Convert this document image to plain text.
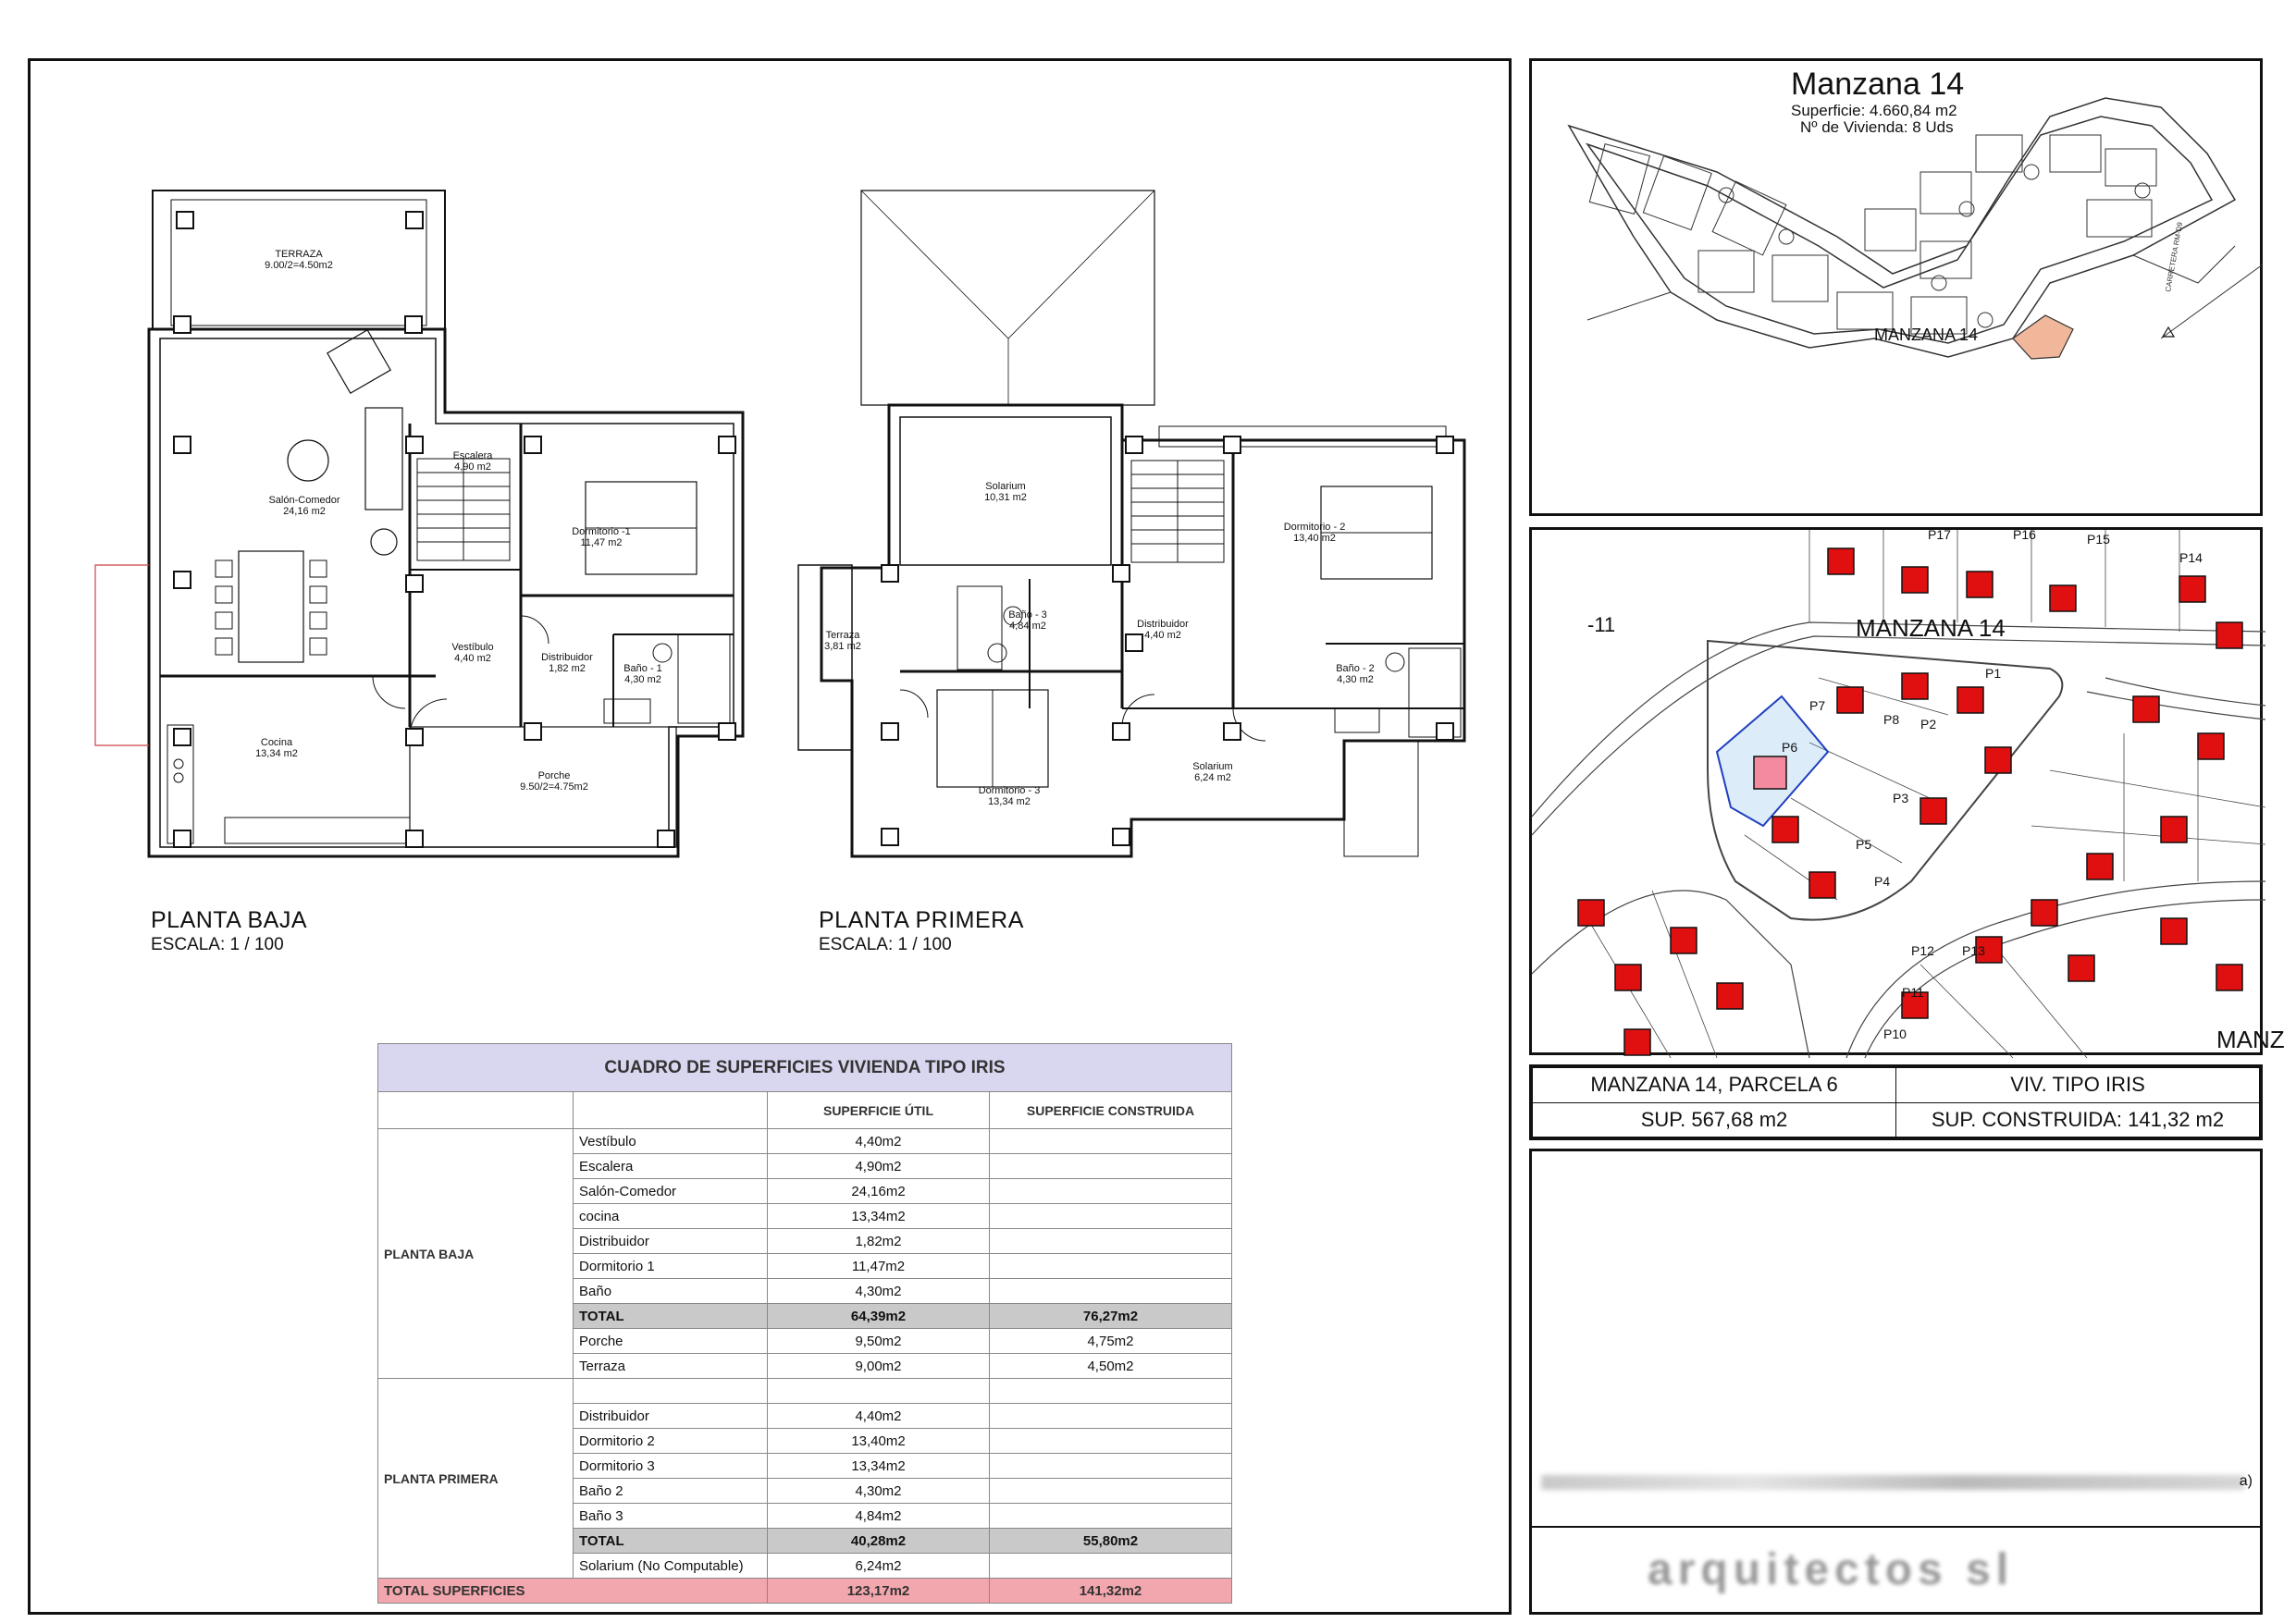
TERRAZA
9.00/2=4.50m2
Escalera
4,90 m2
Salón-Comedor
24,16 m2
Dormitorio -1
11,47 m2
Vestíbulo
4,40 m2	Distribuidor
1,82 m2	Baño - 1
4,30 m2
Cocina
13,34 m2
Porche
9.50/2=4.75m2
Solarium
10,31 m2
Dormitorio - 2
13,40 m2
Terraza
3,81 m2
Baño - 3
4,84 m2	Distribuidor
4,40 m2
Baño - 2
4,30 m2
Solarium
6,24 m2
Dormitorio - 3
13,34 m2
PLANTA BAJA
ESCALA: 1 / 100
PLANTA PRIMERA
ESCALA: 1 / 100
CUADRO DE SUPERFICIES VIVIENDA TIPO IRIS			
		SUPERFICIE ÚTIL	SUPERFICIE CONSTRUIDA
PLANTA BAJA	Vestíbulo	4,40m2	
	Escalera	4,90m2	
	Salón-Comedor	24,16m2	
	cocina	13,34m2	
	Distribuidor	1,82m2	
	Dormitorio 1	11,47m2	
	Baño	4,30m2	
	TOTAL	64,39m2	76,27m2
	Porche	9,50m2	4,75m2
	Terraza	9,00m2	4,50m2
PLANTA PRIMERA			
	Distribuidor	4,40m2	
	Dormitorio 2	13,40m2	
	Dormitorio 3	13,34m2	
	Baño 2	4,30m2	
	Baño 3	4,84m2	
	TOTAL	40,28m2	55,80m2
	Solarium (No Computable)	6,24m2	
TOTAL SUPERFICIES		123,17m2	141,32m2
Manzana 14
Superficie: 4.660,84 m2
Nº de Vivienda: 8 Uds
MANZANA 14
CARRETERA RM-D9
-11	MANZANA 14
MANZ
P17	P16	P15
P14
P1
P2
P3
P4
P5
P7
P8
P6
P12 P13
P11
P10
MANZANA 14, PARCELA 6	VIV. TIPO IRIS
SUP. 567,68 m2	SUP. CONSTRUIDA: 141,32 m2
a)
arquitectos sl
